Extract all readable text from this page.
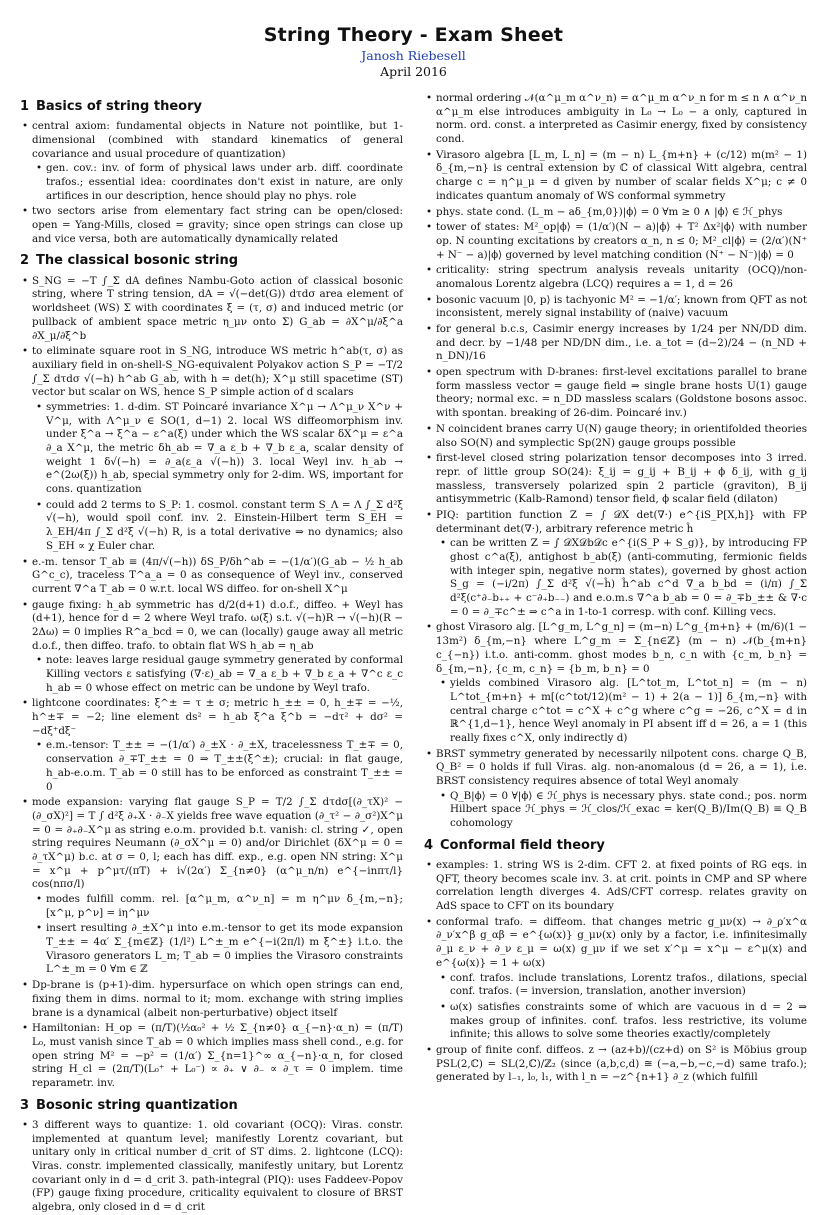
String Theory - Exam Sheet
Janosh Riebesell
April 2016
1 Basics of string theory
• central axiom: fundamental objects in Nature not pointlike, but 1-dimensional (combined with standard kinematics of general covariance and usual procedure of quantization)
• gen. cov.: inv. of form of physical laws under arb. diff. coordinate trafos.; essential idea: coordinates don't exist in nature, are only artifices in our description, hence should play no phys. role
• two sectors arise from elementary fact string can be open/closed: open = Yang-Mills, closed = gravity; since open strings can close up and vice versa, both are automatically dynamically related
2 The classical bosonic string
• S_NG = −T ∫_Σ dA defines Nambu-Goto action of classical bosonic string, where T string tension, dA = √(−det(G)) dτdσ area element of worldsheet (WS) Σ with coordinates ξ = (τ, σ) and induced metric (or pullback of ambient space metric η_μν onto Σ) G_ab = ∂X^μ/∂ξ^a ∂X_μ/∂ξ^b
• to eliminate square root in S_NG, introduce WS metric h^ab(τ, σ) as auxiliary field in on-shell-S_NG-equivalent Polyakov action S_P = −T/2 ∫_Σ dτdσ √(−h) h^ab G_ab, with h = det(h); X^μ still spacetime (ST) vector but scalar on WS, hence S_P simple action of d scalars
• symmetries: 1. d-dim. ST Poincaré invariance X^μ → Λ^μ_ν X^ν + V^μ, with Λ^μ_ν ∈ SO(1, d−1) 2. local WS diffeomorphism inv. under ξ^a → ξ^a − ε^a(ξ) under which the WS scalar δX^μ = ε^a ∂_a X^μ, the metric δh_ab = ∇_a ε_b + ∇_b ε_a, scalar density of weight 1 δ√(−h) = ∂_a(ε_a √(−h)) 3. local Weyl inv. h_ab → e^(2ω(ξ)) h_ab, special symmetry only for 2-dim. WS, important for cons. quantization
• could add 2 terms to S_P: 1. cosmol. constant term S_Λ = Λ ∫_Σ d²ξ √(−h), would spoil conf. inv. 2. Einstein-Hilbert term S_EH = λ_EH/4π ∫_Σ d²ξ √(−h) R, is a total derivative ⇒ no dynamics; also S_EH ∝ χ Euler char.
• e.-m. tensor T_ab ≡ (4π/√(−h)) δS_P/δh^ab = −(1/α′)(G_ab − ½ h_ab G^c_c), traceless T^a_a = 0 as consequence of Weyl inv., conserved current ∇^a T_ab = 0 w.r.t. local WS diffeo. for on-shell X^μ
• gauge fixing: h_ab symmetric has d/2(d+1) d.o.f., diffeo. + Weyl has (d+1), hence for d = 2 where Weyl trafo. ω(ξ) s.t. √(−h)R → √(−h)(R − 2Δω) = 0 implies R^a_bcd = 0, we can (locally) gauge away all metric d.o.f., then diffeo. trafo. to obtain flat WS h_ab = η_ab
• note: leaves large residual gauge symmetry generated by conformal Killing vectors ε satisfying (∇·ε)_ab = ∇_a ε_b + ∇_b ε_a + ∇^c ε_c h_ab = 0 whose effect on metric can be undone by Weyl trafo.
• lightcone coordinates: ξ^± = τ ± σ; metric h_±± = 0, h_±∓ = −½, h^±∓ = −2; line element ds² = h_ab ξ^a ξ^b = −dτ² + dσ² = −dξ⁺dξ⁻
• e.m.-tensor: T_±± = −(1/α′) ∂_±X · ∂_±X, tracelessness T_±∓ = 0, conservation ∂_∓T_±± = 0 ⇒ T_±±(ξ^±); crucial: in flat gauge, h_ab-e.o.m. T_ab = 0 still has to be enforced as constraint T_±± = 0
• mode expansion: varying flat gauge S_P = T/2 ∫_Σ dτdσ[(∂_τX)² − (∂_σX)²] = T ∫ d²ξ ∂₊X · ∂₋X yields free wave equation (∂_τ² − ∂_σ²)X^μ = 0 = ∂₊∂₋X^μ as string e.o.m. provided b.t. vanish: cl. string ✓, open string requires Neumann (∂_σX^μ = 0) and/or Dirichlet (δX^μ = 0 = ∂_τX^μ) b.c. at σ = 0, l; each has diff. exp., e.g. open NN string: X^μ = x^μ + p^μτ/(πT) + i√(2α′) Σ_{n≠0} (α^μ_n/n) e^{−inπτ/l} cos(nπσ/l)
• modes fulfill comm. rel. [α^μ_m, α^ν_n] = m η^μν δ_{m,−n}; [x^μ, p^ν] = iη^μν
• insert resulting ∂_±X^μ into e.m.-tensor to get its mode expansion T_±± = 4α′ Σ_{m∈ℤ} (1/l²) L^±_m e^{−i(2π/l) m ξ^±} i.t.o. the Virasoro generators L_m; T_ab = 0 implies the Virasoro constraints L^±_m = 0 ∀m ∈ ℤ
• Dp-brane is (p+1)-dim. hypersurface on which open strings can end, fixing them in dims. normal to it; mom. exchange with string implies brane is a dynamical (albeit non-perturbative) object itself
• Hamiltonian: H_op = (π/T)(½α₀² + ½ Σ_{n≠0} α_{−n}·α_n) = (π/T) L₀, must vanish since T_ab = 0 which implies mass shell cond., e.g. for open string M² = −p² = (1/α′) Σ_{n=1}^∞ α_{−n}·α_n, for closed string H_cl = (2π/T)(L₀⁺ + L₀⁻) ∝ ∂₊ ∨ ∂₋ ∝ ∂_τ = 0 implem. time reparametr. inv.
3 Bosonic string quantization
• 3 different ways to quantize: 1. old covariant (OCQ): Viras. constr. implemented at quantum level; manifestly Lorentz covariant, but unitary only in critical number d_crit of ST dims. 2. lightcone (LCQ): Viras. constr. implemented classically, manifestly unitary, but Lorentz covariant only in d = d_crit 3. path-integral (PIQ): uses Faddeev-Popov (FP) gauge fixing procedure, criticality equivalent to closure of BRST algebra, only closed in d = d_crit
• normal ordering 𝒩(α^μ_m α^ν_n) = α^μ_m α^ν_n for m ≤ n ∧ α^ν_n α^μ_m else introduces ambiguity in L₀ → L₀ − a only, captured in norm. ord. const. a interpreted as Casimir energy, fixed by consistency cond.
• Virasoro algebra [L_m, L_n] = (m − n) L_{m+n} + (c/12) m(m² − 1) δ_{m,−n} is central extension by ℂ of classical Witt algebra, central charge c = η^μ_μ = d given by number of scalar fields X^μ; c ≠ 0 indicates quantum anomaly of WS conformal symmetry
• phys. state cond. (L_m − aδ_{m,0})|ϕ⟩ = 0 ∀m ≥ 0 ∧ |ϕ⟩ ∈ ℋ_phys
• tower of states: M²_op|ϕ⟩ = (1/α′)(N − a)|ϕ⟩ + T² Δx²|ϕ⟩ with number op. N counting excitations by creators α_n, n ≤ 0; M²_cl|ϕ⟩ = (2/α′)(N⁺ + N⁻ − a)|ϕ⟩ governed by level matching condition (N⁺ − N⁻)|ϕ⟩ = 0
• criticality: string spectrum analysis reveals unitarity (OCQ)/non-anomalous Lorentz algebra (LCQ) requires a = 1, d = 26
• bosonic vacuum |0, p⟩ is tachyonic M² = −1/α′; known from QFT as not inconsistent, merely signal instability of (naive) vacuum
• for general b.c.s, Casimir energy increases by 1/24 per NN/DD dim. and decr. by −1/48 per ND/DN dim., i.e. a_tot = (d−2)/24 − (n_ND + n_DN)/16
• open spectrum with D-branes: first-level excitations parallel to brane form massless vector = gauge field ⇒ single brane hosts U(1) gauge theory; normal exc. = n_DD massless scalars (Goldstone bosons assoc. with spontan. breaking of 26-dim. Poincaré inv.)
• N coincident branes carry U(N) gauge theory; in orientifolded theories also SO(N) and symplectic Sp(2N) gauge groups possible
• first-level closed string polarization tensor decomposes into 3 irred. repr. of little group SO(24): ξ_ij = g_ij + B_ij + ϕ δ_ij, with g_ij massless, transversely polarized spin 2 particle (graviton), B_ij antisymmetric (Kalb-Ramond) tensor field, ϕ scalar field (dilaton)
• PIQ: partition function Z = ∫ 𝒟X det(∇·) e^{iS_P[X,h]} with FP determinant det(∇·), arbitrary reference metric ĥ
• can be written Z = ∫ 𝒟X𝒟b𝒟c e^{i(S_P + S_g)}, by introducing FP ghost c^a(ξ), antighost b_ab(ξ) (anti-commuting, fermionic fields with integer spin, negative norm states), governed by ghost action S_g = (−i/2π) ∫_Σ d²ξ √(−ĥ) ĥ^ab c^d ∇_a b_bd = (i/π) ∫_Σ d²ξ(c⁺∂₋b₊₊ + c⁻∂₊b₋₋) and e.o.m.s ∇^a b_ab = 0 = ∂_∓b_±± & ∇·c = 0 = ∂_∓c^± ⇒ c^a in 1-to-1 corresp. with conf. Killing vecs.
• ghost Virasoro alg. [L^g_m, L^g_n] = (m−n) L^g_{m+n} + (m/6)(1 − 13m²) δ_{m,−n} where L^g_m = Σ_{n∈ℤ} (m − n) 𝒩(b_{m+n} c_{−n}) i.t.o. anti-comm. ghost modes b_n, c_n with {c_m, b_n} = δ_{m,−n}, {c_m, c_n} = {b_m, b_n} = 0
• yields combined Virasoro alg. [L^tot_m, L^tot_n] = (m − n) L^tot_{m+n} + m[(c^tot/12)(m² − 1) + 2(a − 1)] δ_{m,−n} with central charge c^tot = c^X + c^g where c^g = −26, c^X = d in ℝ^{1,d−1}, hence Weyl anomaly in PI absent iff d = 26, a = 1 (this really fixes c^X, only indirectly d)
• BRST symmetry generated by necessarily nilpotent cons. charge Q_B, Q_B² = 0 holds if full Viras. alg. non-anomalous (d = 26, a = 1), i.e. BRST consistency requires absence of total Weyl anomaly
• Q_B|ϕ⟩ = 0 ∀|ϕ⟩ ∈ ℋ_phys is necessary phys. state cond.; pos. norm Hilbert space ℋ_phys = ℋ_clos/ℋ_exac = ker(Q_B)/Im(Q_B) ≡ Q_B cohomology
4 Conformal field theory
• examples: 1. string WS is 2-dim. CFT 2. at fixed points of RG eqs. in QFT, theory becomes scale inv. 3. at crit. points in CMP and SP where correlation length diverges 4. AdS/CFT corresp. relates gravity on AdS space to CFT on its boundary
• conformal trafo. = diffeom. that changes metric g_μν(x) → ∂_ρ′x^α ∂_ν′x^β g_αβ = e^{ω(x)} g_μν(x) only by a factor, i.e. infinitesimally ∂_μ ε_ν + ∂_ν ε_μ = ω(x) g_μν if we set x′^μ = x^μ − ε^μ(x) and e^{ω(x)} = 1 + ω(x)
• conf. trafos. include translations, Lorentz trafos., dilations, special conf. trafos. (= inversion, translation, another inversion)
• ω(x) satisfies constraints some of which are vacuous in d = 2 ⇒ makes group of infinites. conf. trafos. less restrictive, its volume infinite; this allows to solve some theories exactly/completely
• group of finite conf. diffeos. z → (az+b)/(cz+d) on S² is Möbius group PSL(2,ℂ) = SL(2,ℂ)/ℤ₂ (since (a,b,c,d) ≅ (−a,−b,−c,−d) same trafo.); generated by l₋₁, l₀, l₁, with l_n = −z^{n+1} ∂_z (which fulfill
